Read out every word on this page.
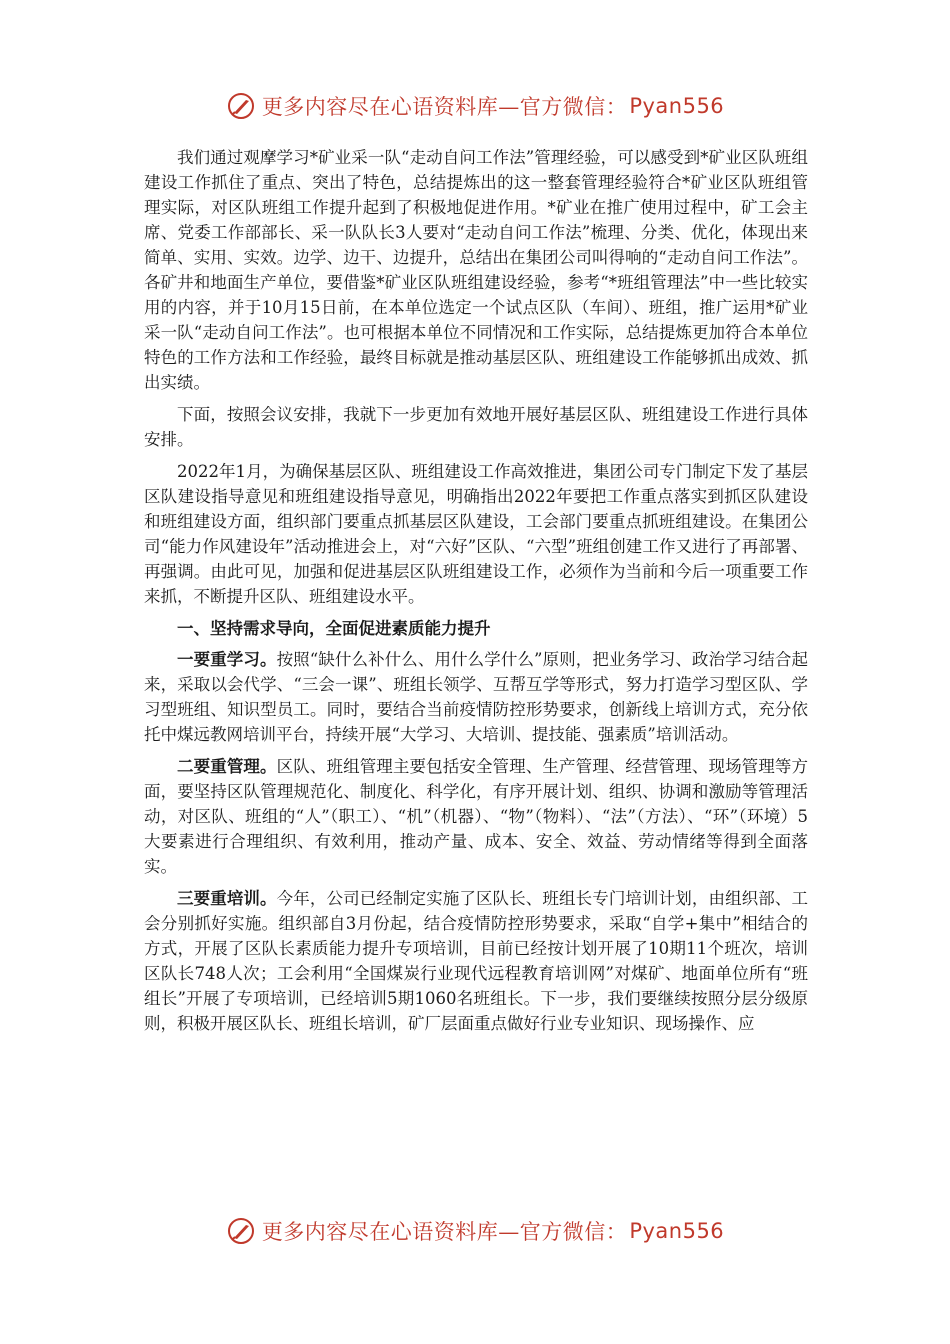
更多内容尽在心语资料库—官方微信： Pyan556

我们通过观摩学习*矿业采一队“走动自问工作法”管理经验，可以感受到*矿业区队班组建设工作抓住了重点、突出了特色，总结提炼出的这一整套管理经验符合*矿业区队班组管理实际，对区队班组工作提升起到了积极地促进作用。*矿业在推广使用过程中，矿工会主席、党委工作部部长、采一队队长3人要对“走动自问工作法”梳理、分类、优化，体现出来简单、实用、实效。边学、边干、边提升，总结出在集团公司叫得响的“走动自问工作法”。各矿井和地面生产单位，要借鉴*矿业区队班组建设经验，参考“*班组管理法”中一些比较实用的内容，并于10月15日前，在本单位选定一个试点区队（车间）、班组，推广运用*矿业采一队“走动自问工作法”。也可根据本单位不同情况和工作实际，总结提炼更加符合本单位特色的工作方法和工作经验，最终目标就是推动基层区队、班组建设工作能够抓出成效、抓出实绩。

下面，按照会议安排，我就下一步更加有效地开展好基层区队、班组建设工作进行具体安排。

2022年1月，为确保基层区队、班组建设工作高效推进，集团公司专门制定下发了基层区队建设指导意见和班组建设指导意见，明确指出2022年要把工作重点落实到抓区队建设和班组建设方面，组织部门要重点抓基层区队建设，工会部门要重点抓班组建设。在集团公司“能力作风建设年”活动推进会上，对“六好”区队、“六型”班组创建工作又进行了再部署、再强调。由此可见，加强和促进基层区队班组建设工作，必须作为当前和今后一项重要工作来抓，不断提升区队、班组建设水平。

一、坚持需求导向，全面促进素质能力提升

一要重学习。按照“缺什么补什么、用什么学什么”原则，把业务学习、政治学习结合起来，采取以会代学、“三会一课”、班组长领学、互帮互学等形式，努力打造学习型区队、学习型班组、知识型员工。同时，要结合当前疫情防控形势要求，创新线上培训方式，充分依托中煤远教网培训平台，持续开展“大学习、大培训、提技能、强素质”培训活动。

二要重管理。区队、班组管理主要包括安全管理、生产管理、经营管理、现场管理等方面，要坚持区队管理规范化、制度化、科学化，有序开展计划、组织、协调和激励等管理活动，对区队、班组的“人”（职工）、“机”（机器）、“物”（物料）、“法”（方法）、“环”（环境）5大要素进行合理组织、有效利用，推动产量、成本、安全、效益、劳动情绪等得到全面落实。

三要重培训。今年，公司已经制定实施了区队长、班组长专门培训计划，由组织部、工会分别抓好实施。组织部自3月份起，结合疫情防控形势要求，采取“自学+集中”相结合的方式，开展了区队长素质能力提升专项培训，目前已经按计划开展了10期11个班次，培训区队长748人次；工会利用“全国煤炭行业现代远程教育培训网”对煤矿、地面单位所有“班组长”开展了专项培训，已经培训5期1060名班组长。下一步，我们要继续按照分层分级原则，积极开展区队长、班组长培训，矿厂层面重点做好行业专业知识、现场操作、应

更多内容尽在心语资料库—官方微信： Pyan556
